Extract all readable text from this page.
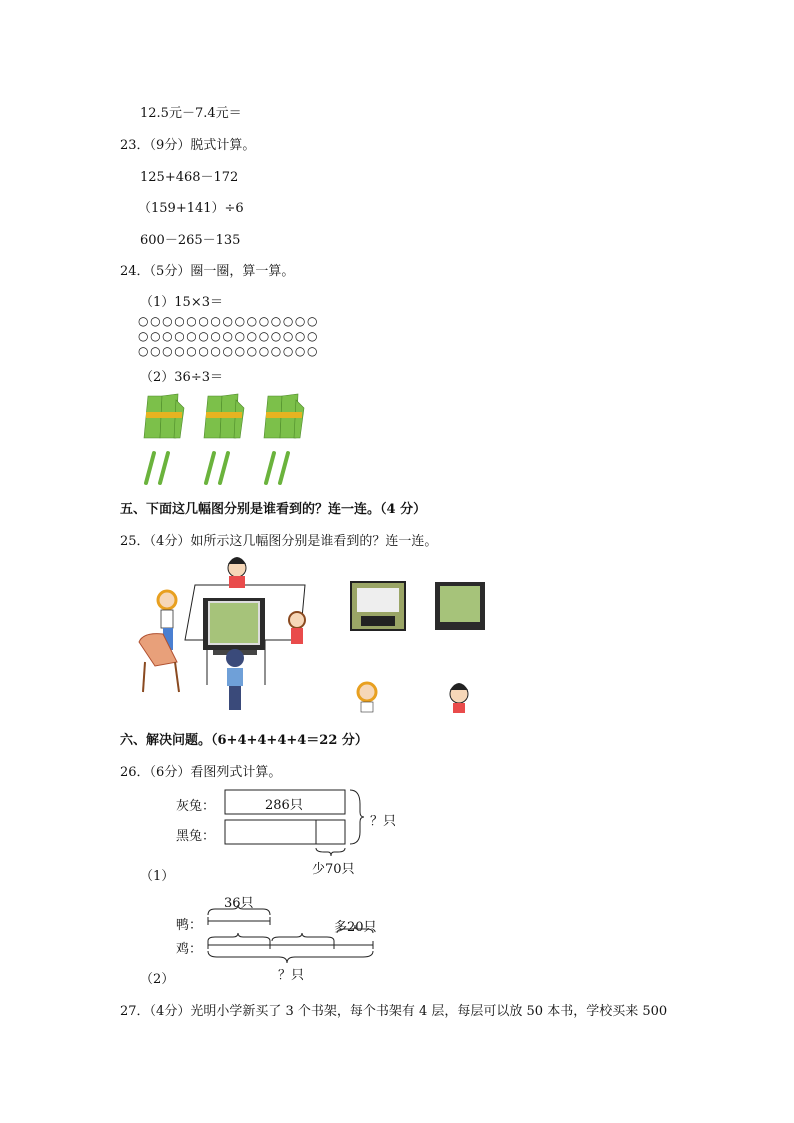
12.5元－7.4元＝
23．（9分）脱式计算。
125+468－172
（159+141）÷6
600－265－135
24．（5分）圈一圈，算一算。
（1）15×3＝
○○○○○○○○○○○○○○○
○○○○○○○○○○○○○○○
○○○○○○○○○○○○○○○
（2）36÷3＝
五、下面这几幅图分别是谁看到的？连一连。（4 分）
25．（4分）如所示这几幅图分别是谁看到的？连一连。
六、解决问题。（6+4+4+4+4＝22 分）
26．（6分）看图列式计算。
灰兔：
黑兔：
286只
？只
少70只
（1）
36只
多20只
鸭：
鸡：
？只
（2）
27．（4分）光明小学新买了 3 个书架，每个书架有 4 层，每层可以放 50 本书，学校买来 500
